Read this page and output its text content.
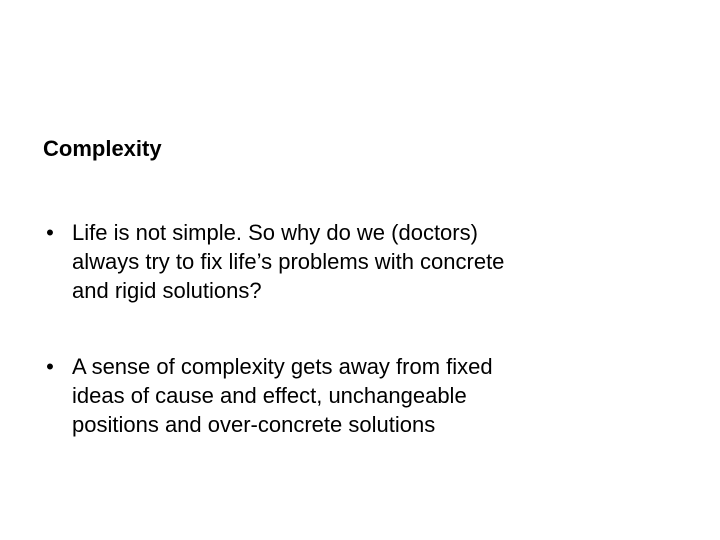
Complexity
• Life is not simple. So why do we (doctors)
always try to fix life’s problems with concrete
and rigid solutions?
• A sense of complexity gets away from fixed
ideas of cause and effect, unchangeable
positions and over-concrete solutions
